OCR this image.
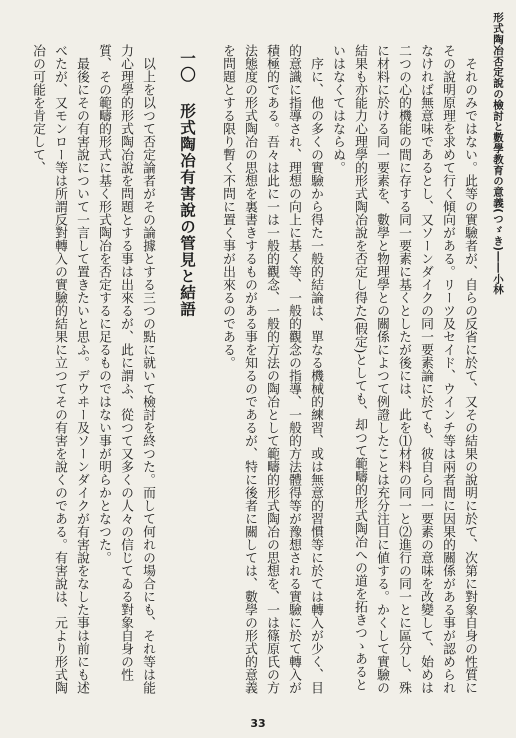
形式陶冶否定說の檢討と數學教育の意義(つゞき)――小林

それのみではない。此等の實驗者が、自らの反省に於て、又その結果の說明に於て、次第に對象自身の性質にその說明原理を求めて行く傾向がある。リーツ及セイド、ウインチ等は兩者間に因果的關係がある事が認められなければ無意味であるとし、又ソーンダイクの同一要素論に於ても、彼自ら同一要素の意味を改變して、始めは二つの心的機能の間に存する同一要素に基くとしたが後には、此を⑴材料の同一と⑵進行の同一とに區分し、殊に材料に於ける同一要素を、數學と物理學との關係によつて例證したことは充分注目に値する。かくして實驗の結果も亦能力心理學的形式陶冶說を否定し得た(假定)としても、却つて範疇的形式陶冶への道を拓きつゝあるといはなくてはならぬ。

序に、他の多くの實驗から得た一般的結論は、單なる機械的練習、或は無意的習慣等に於ては轉入が少く、目的意識に指導され、理想の向上に基く等、一般的觀念の指導、一般的方法體得等が豫想される實驗に於て轉入が積極的である。吾々は此に一は一般的觀念、一般的方法の陶冶として範疇的形式陶冶の思想を、一は篠原氏の方法態度の形式陶冶の思想を裏書きするものがある事を知るのであるが、特に後者に關しては、數學の形式的意義を問題とする限り暫く不問に置く事が出來るのである。

一〇 形式陶冶有害說の管見と結語

以上を以つて否定論者がその論據とする三つの點に就いて檢討を終つた。而して何れの場合にも、それ等は能力心理學的形式陶冶說を問題とする事は出來るが、此に謂ふ、從つて又多くの人々の信じてゐる對象自身の性質、その範疇的形式に基く形式陶冶を否定するに足るものではない事が明らかとなつた。

最後にその有害說について一言して置きたいと思ふ。デウヰー及ソーンダイクが有害說をなした事は前にも述べたが、又モンロー等は所謂反對轉入の實驗的結果に立つてその有害を說くのである。有害說は、元より形式陶冶の可能を肯定して、

33
